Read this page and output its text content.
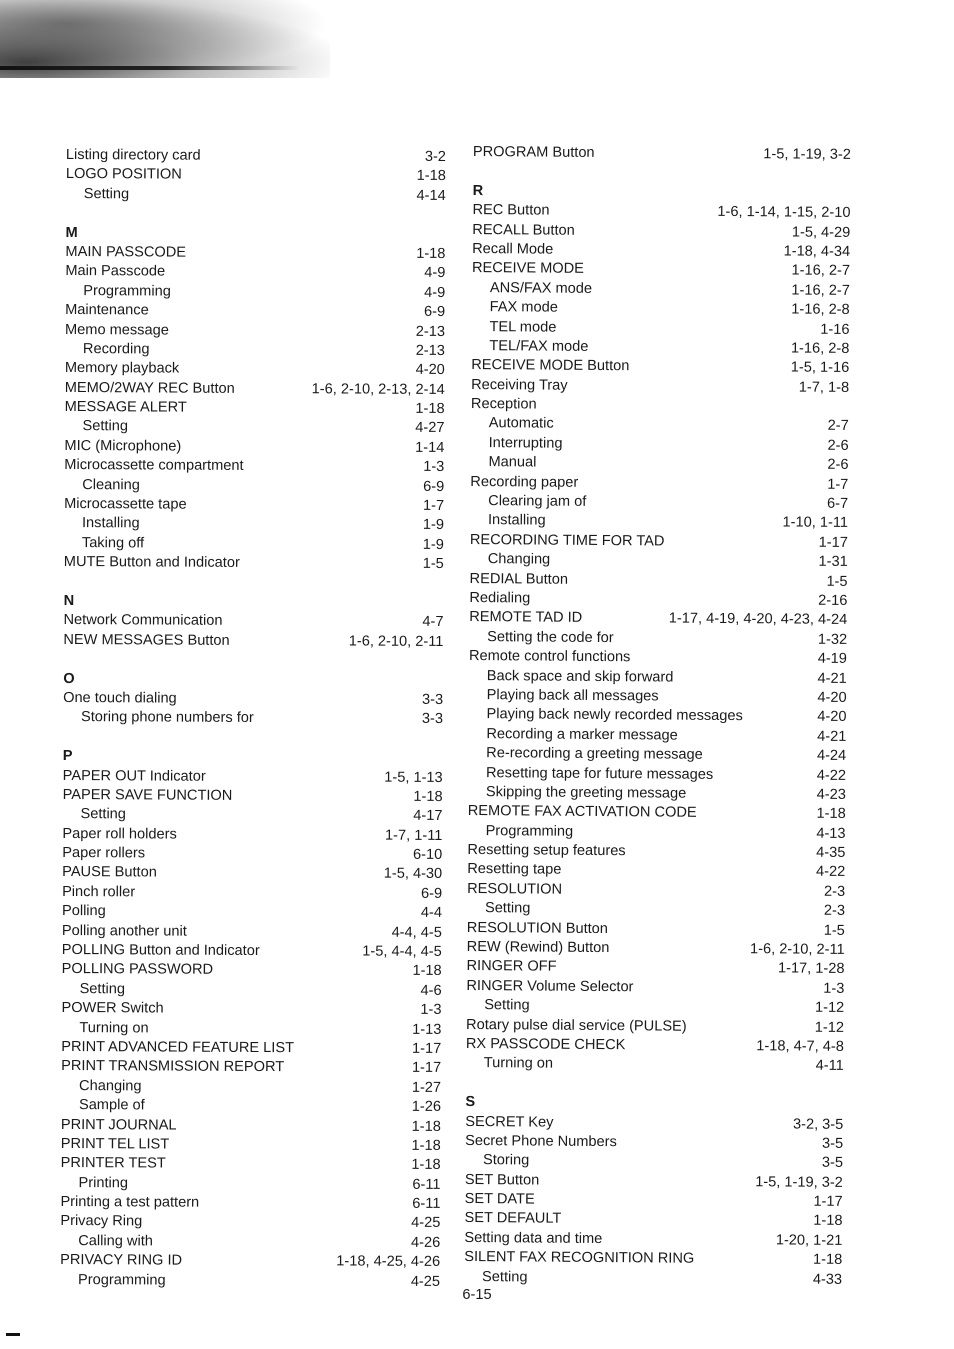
Listing directory card	3-2
LOGO POSITION	1-18
Setting	4-14
M
MAIN PASSCODE	1-18
Main Passcode	4-9
Programming	4-9
Maintenance	6-9
Memo message	2-13
Recording	2-13
Memory playback	4-20
MEMO/2WAY REC Button	1-6, 2-10, 2-13, 2-14
MESSAGE ALERT	1-18
Setting	4-27
MIC (Microphone)	1-14
Microcassette compartment	1-3
Cleaning	6-9
Microcassette tape	1-7
Installing	1-9
Taking off	1-9
MUTE Button and Indicator	1-5
N
Network Communication	4-7
NEW MESSAGES Button	1-6, 2-10, 2-11
O
One touch dialing	3-3
Storing phone numbers for	3-3
P
PAPER OUT Indicator	1-5, 1-13
PAPER SAVE FUNCTION	1-18
Setting	4-17
Paper roll holders	1-7, 1-11
Paper rollers	6-10
PAUSE Button	1-5, 4-30
Pinch roller	6-9
Polling	4-4
Polling another unit	4-4, 4-5
POLLING Button and Indicator	1-5, 4-4, 4-5
POLLING PASSWORD	1-18
Setting	4-6
POWER Switch	1-3
Turning on	1-13
PRINT ADVANCED FEATURE LIST	1-17
PRINT TRANSMISSION REPORT	1-17
Changing	1-27
Sample of	1-26
PRINT JOURNAL	1-18
PRINT TEL LIST	1-18
PRINTER TEST	1-18
Printing	6-11
Printing a test pattern	6-11
Privacy Ring	4-25
Calling with	4-26
PRIVACY RING ID	1-18, 4-25, 4-26
Programming	4-25
PROGRAM Button	1-5, 1-19, 3-2
R
REC Button	1-6, 1-14, 1-15, 2-10
RECALL Button	1-5, 4-29
Recall Mode	1-18, 4-34
RECEIVE MODE	1-16, 2-7
ANS/FAX mode	1-16, 2-7
FAX mode	1-16, 2-8
TEL mode	1-16
TEL/FAX mode	1-16, 2-8
RECEIVE MODE Button	1-5, 1-16
Receiving Tray	1-7, 1-8
Reception
Automatic	2-7
Interrupting	2-6
Manual	2-6
Recording paper	1-7
Clearing jam of	6-7
Installing	1-10, 1-11
RECORDING TIME FOR TAD	1-17
Changing	1-31
REDIAL Button	1-5
Redialing	2-16
REMOTE TAD ID	1-17, 4-19, 4-20, 4-23, 4-24
Setting the code for	1-32
Remote control functions	4-19
Back space and skip forward	4-21
Playing back all messages	4-20
Playing back newly recorded messages	4-20
Recording a marker message	4-21
Re-recording a greeting message	4-24
Resetting tape for future messages	4-22
Skipping the greeting message	4-23
REMOTE FAX ACTIVATION CODE	1-18
Programming	4-13
Resetting setup features	4-35
Resetting tape	4-22
RESOLUTION	2-3
Setting	2-3
RESOLUTION Button	1-5
REW (Rewind) Button	1-6, 2-10, 2-11
RINGER OFF	1-17, 1-28
RINGER Volume Selector	1-3
Setting	1-12
Rotary pulse dial service (PULSE)	1-12
RX PASSCODE CHECK	1-18, 4-7, 4-8
Turning on	4-11
S
SECRET Key	3-2, 3-5
Secret Phone Numbers	3-5
Storing	3-5
SET Button	1-5, 1-19, 3-2
SET DATE	1-17
SET DEFAULT	1-18
Setting data and time	1-20, 1-21
SILENT FAX RECOGNITION RING	1-18
Setting	4-33
6-15
